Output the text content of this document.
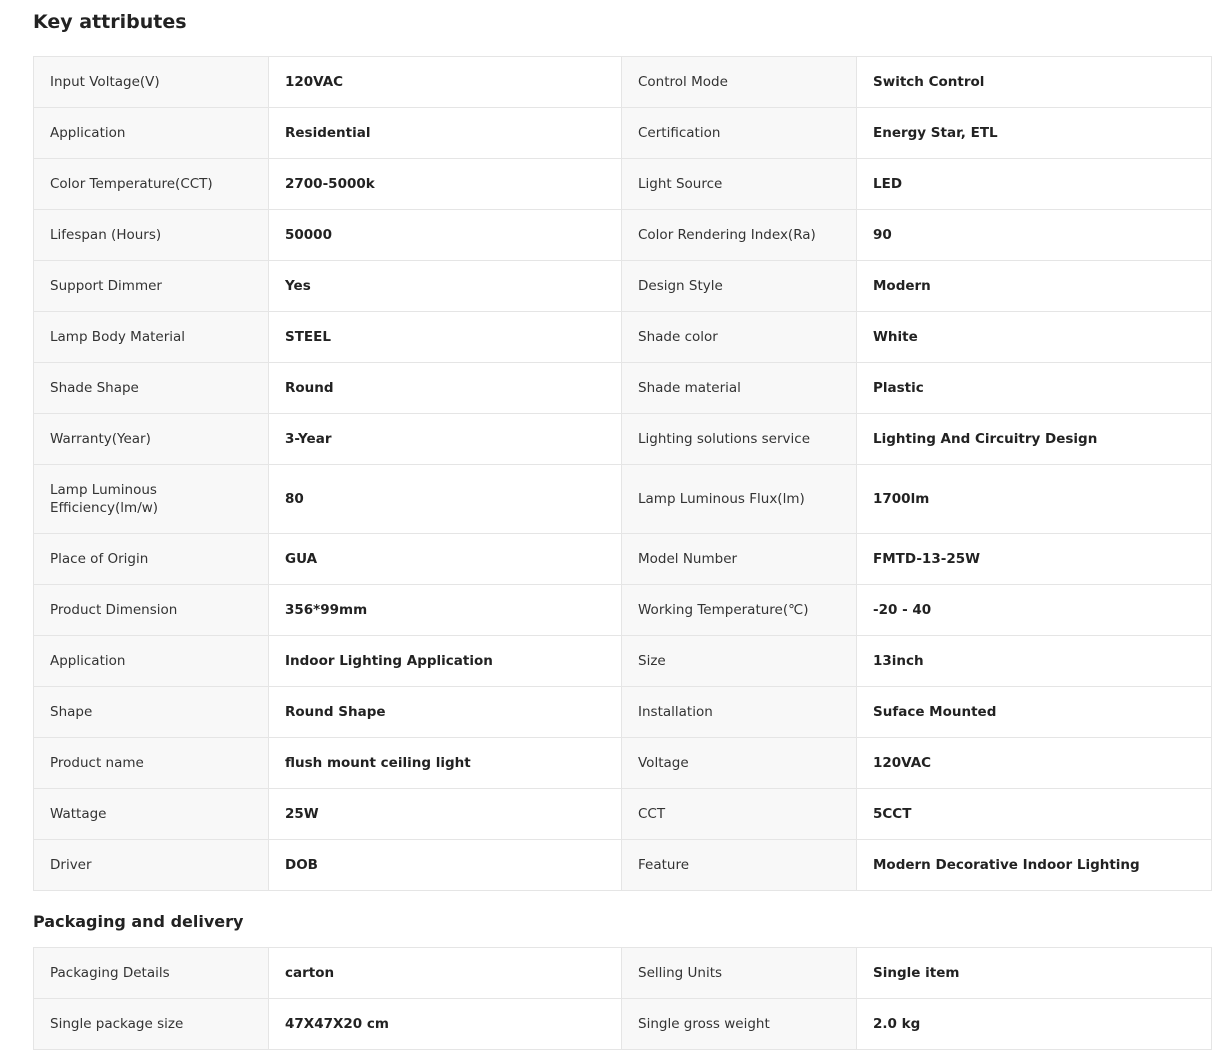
Key attributes
Input Voltage(V)	120VAC	Control Mode	Switch Control
Application	Residential	Certification	Energy Star, ETL
Color Temperature(CCT)	2700-5000k	Light Source	LED
Lifespan (Hours)	50000	Color Rendering Index(Ra)	90
Support Dimmer	Yes	Design Style	Modern
Lamp Body Material	STEEL	Shade color	White
Shade Shape	Round	Shade material	Plastic
Warranty(Year)	3-Year	Lighting solutions service	Lighting And Circuitry Design
Lamp Luminous Efficiency(lm/w)	80	Lamp Luminous Flux(lm)	1700lm
Place of Origin	GUA	Model Number	FMTD-13-25W
Product Dimension	356*99mm	Working Temperature(℃)	-20 - 40
Application	Indoor Lighting Application	Size	13inch
Shape	Round Shape	Installation	Suface Mounted
Product name	flush mount ceiling light	Voltage	120VAC
Wattage	25W	CCT	5CCT
Driver	DOB	Feature	Modern Decorative Indoor Lighting
Packaging and delivery
Packaging Details	carton	Selling Units	Single item
Single package size	47X47X20 cm	Single gross weight	2.0 kg
